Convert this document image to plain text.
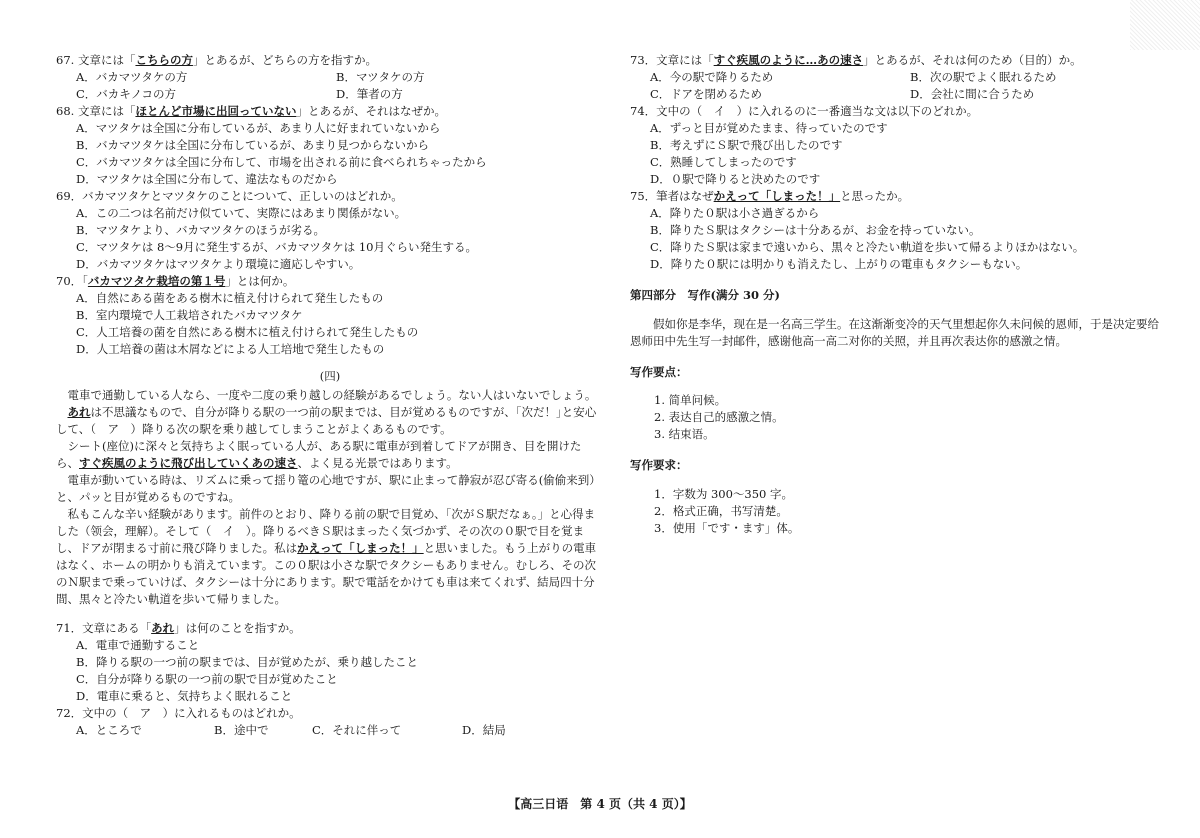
67. 文章には「こちらの方」とあるが、どちらの方を指すか。

A．バカマツタケの方	B．マツタケの方
C．バカキノコの方	D．筆者の方

68. 文章には「ほとんど市場に出回っていない」とあるが、それはなぜか。

A．マツタケは全国に分布しているが、あまり人に好まれていないから

B．バカマツタケは全国に分布しているが、あまり見つからないから

C．バカマツタケは全国に分布して、市場を出される前に食べられちゃったから

D．マツタケは全国に分布して、違法なものだから

69．バカマツタケとマツタケのことについて、正しいのはどれか。

A．この二つは名前だけ似ていて、実際にはあまり関係がない。

B．マツタケより、バカマツタケのほうが劣る。

C．マツタケは 8～9月に発生するが、バカマツタケは 10月ぐらい発生する。

D．バカマツタケはマツタケより環境に適応しやすい。

70．「バカマツタケ栽培の第１号」とは何か。

A．自然にある菌をある樹木に植え付けられて発生したもの

B．室内環境で人工栽培されたバカマツタケ

C．人工培養の菌を自然にある樹木に植え付けられて発生したもの

D．人工培養の菌は木屑などによる人工培地で発生したもの

(四)

電車で通勤している人なら、一度や二度の乗り越しの経験があるでしょう。ない人はいないでしょう。

あれは不思議なもので、自分が降りる駅の一つ前の駅までは、目が覚めるものですが、｢次だ！｣と安心して、（　ア　）降りる次の駅を乗り越してしまうことがよくあるものです。

シート(座位)に深々と気持ちよく眠っている人が、ある駅に電車が到着してドアが開き、目を開けたら、すぐ疾風のように飛び出していくあの速さ、よく見る光景ではあります。

電車が動いている時は、リズムに乗って揺り篭の心地ですが、駅に止まって静寂が忍び寄る(偷偷来到）と、パッと目が覚めるものですね。

私もこんな辛い経験があります。前件のとおり、降りる前の駅で目覚め、「次がＳ駅だなぁ。」と心得ました（领会，理解）。そして（　イ　）。降りるべきＳ駅はまったく気づかず、その次の０駅で目を覚まし、ドアが閉まる寸前に飛び降りました。私はかえって「しまった！」と思いました。もう上がりの電車はなく、ホームの明かりも消えています。この０駅は小さな駅でタクシーもありません。むしろ、その次のＮ駅まで乗っていけば、タクシーは十分にあります。駅で電話をかけても車は来てくれず、結局四十分間、黒々と冷たい軌道を歩いて帰りました。

71．文章にある「あれ」は何のことを指すか。

A．電車で通勤すること

B．降りる駅の一つ前の駅までは、目が覚めたが、乗り越したこと

C．自分が降りる駅の一つ前の駅で目が覚めたこと

D．電車に乗ると、気持ちよく眠れること

72．文中の（　ア　）に入れるものはどれか。

A．ところで	B．途中で	C．それに伴って	D．結局

73．文章には「すぐ疾風のように…あの速さ」とあるが、それは何のため（目的）か。

A．今の駅で降りるため	B．次の駅でよく眠れるため
C．ドアを閉めるため	D．会社に間に合うため

74．文中の（　イ　）に入れるのに一番適当な文は以下のどれか。

A．ずっと目が覚めたまま、待っていたのです

B．考えずにＳ駅で飛び出したのです

C．熟睡してしまったのです

D．０駅で降りると決めたのです

75．筆者はなぜかえって「しまった！」と思ったか。

A．降りた０駅は小さ過ぎるから

B．降りたＳ駅はタクシーは十分あるが、お金を持っていない。

C．降りたＳ駅は家まで遠いから、黒々と冷たい軌道を歩いて帰るよりほかはない。

D．降りた０駅には明かりも消えたし、上がりの電車もタクシーもない。

第四部分　写作(满分 30 分)

假如你是李华，现在是一名高三学生。在这渐渐变冷的天气里想起你久未问候的恩师，于是决定要给恩师田中先生写一封邮件，感谢他高一高二对你的关照，并且再次表达你的感激之情。

写作要点：

1. 简单问候。

2. 表达自己的感激之情。

3. 结束语。

写作要求：

1．字数为 300～350 字。

2．格式正确，书写清楚。

3．使用「です・ます」体。

【高三日语　第 4 页（共 4 页）】
